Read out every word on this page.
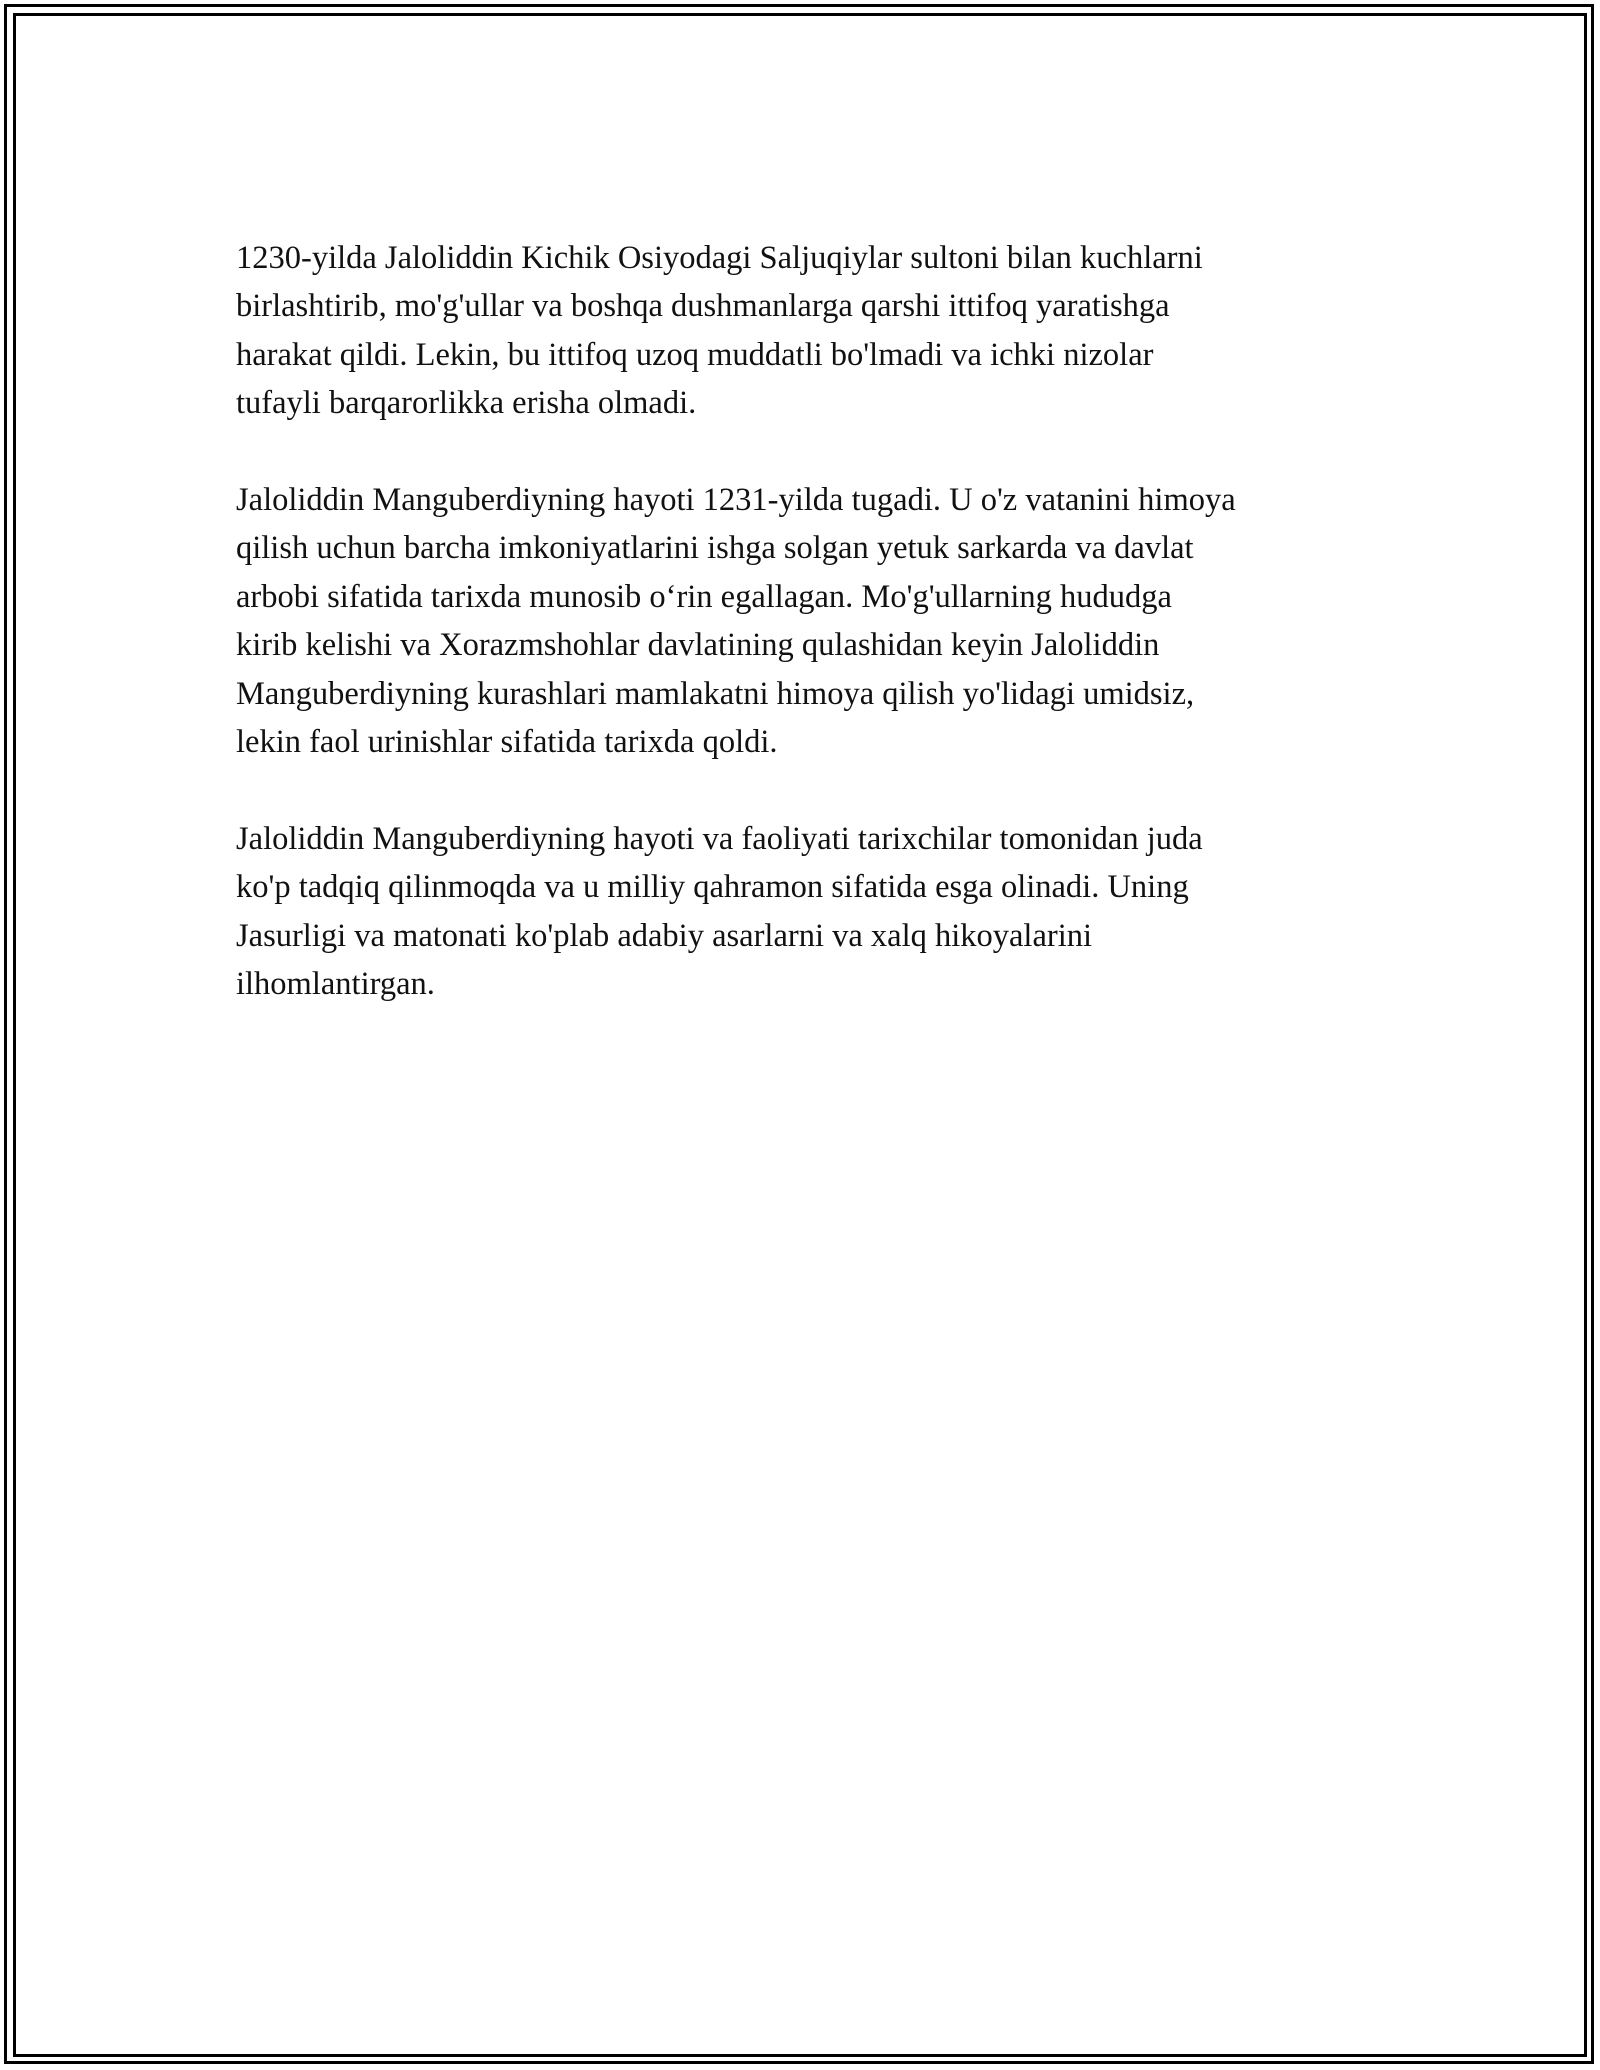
1230-yilda Jaloliddin Kichik Osiyodagi Saljuqiylar sultoni bilan kuchlarni
birlashtirib, mo'g'ullar va boshqa dushmanlarga qarshi ittifoq yaratishga
harakat qildi. Lekin, bu ittifoq uzoq muddatli bo'lmadi va ichki nizolar
tufayli barqarorlikka erisha olmadi.

Jaloliddin Manguberdiyning hayoti 1231-yilda tugadi. U o'z vatanini himoya
qilish uchun barcha imkoniyatlarini ishga solgan yetuk sarkarda va davlat
arbobi sifatida tarixda munosib o‘rin egallagan. Mo'g'ullarning hududga
kirib kelishi va Xorazmshohlar davlatining qulashidan keyin Jaloliddin
Manguberdiyning kurashlari mamlakatni himoya qilish yo'lidagi umidsiz,
lekin faol urinishlar sifatida tarixda qoldi.

Jaloliddin Manguberdiyning hayoti va faoliyati tarixchilar tomonidan juda
ko'p tadqiq qilinmoqda va u milliy qahramon sifatida esga olinadi. Uning
Jasurligi va matonati ko'plab adabiy asarlarni va xalq hikoyalarini
ilhomlantirgan.
